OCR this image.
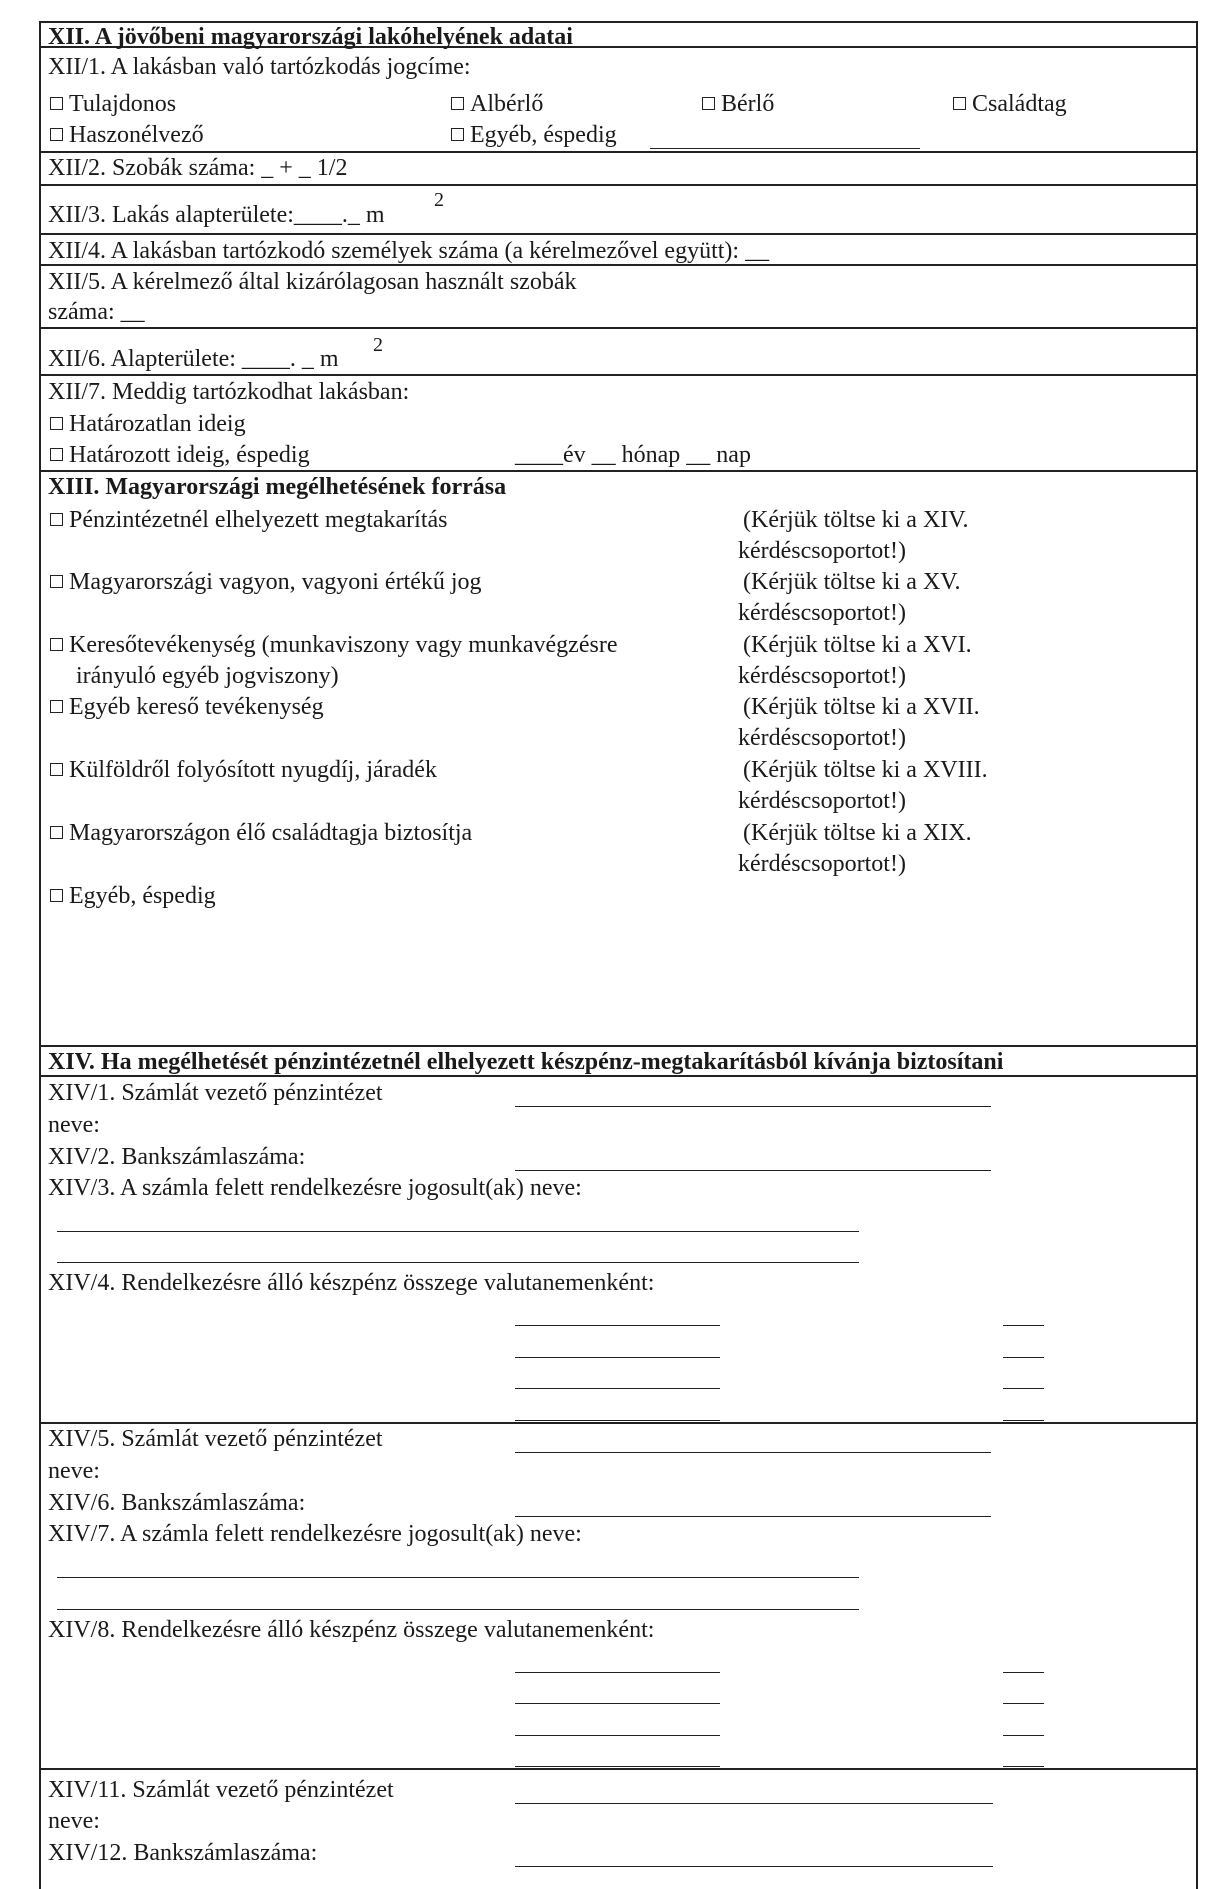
XII. A jövőbeni magyarországi lakóhelyének adatai
XII/1. A lakásban való tartózkodás jogcíme:
Tulajdonos	Albérlő	Bérlő	Családtag
Haszonélvező	Egyéb, éspedig
XII/2. Szobák száma: _ + _ 1/2
XII/3. Lakás alapterülete:____._ m
2
XII/4. A lakásban tartózkodó személyek száma (a kérelmezővel együtt): __
XII/5. A kérelmező által kizárólagosan használt szobák
száma: __
XII/6. Alapterülete: ____. _ m
2
XII/7. Meddig tartózkodhat lakásban:
Határozatlan ideig
Határozott ideig, éspedig	____év __ hónap __ nap
XIII. Magyarországi megélhetésének forrása
Pénzintézetnél elhelyezett megtakarítás	(Kérjük töltse ki a XIV.
kérdéscsoportot!)
Magyarországi vagyon, vagyoni értékű jog	(Kérjük töltse ki a XV.
kérdéscsoportot!)
Keresőtevékenység (munkaviszony vagy munkavégzésre
irányuló egyéb jogviszony)
(Kérjük töltse ki a XVI.
kérdéscsoportot!)
Egyéb kereső tevékenység	(Kérjük töltse ki a XVII.
kérdéscsoportot!)
Külföldről folyósított nyugdíj, járadék	(Kérjük töltse ki a XVIII.
kérdéscsoportot!)
Magyarországon élő családtagja biztosítja	(Kérjük töltse ki a XIX.
kérdéscsoportot!)
Egyéb, éspedig
XIV. Ha megélhetését pénzintézetnél elhelyezett készpénz-megtakarításból kívánja biztosítani
XIV/1. Számlát vezető pénzintézet
neve:
XIV/2. Bankszámlaszáma:
XIV/3. A számla felett rendelkezésre jogosult(ak) neve:
XIV/4. Rendelkezésre álló készpénz összege valutanemenként:
XIV/5. Számlát vezető pénzintézet
neve:
XIV/6. Bankszámlaszáma:
XIV/7. A számla felett rendelkezésre jogosult(ak) neve:
XIV/8. Rendelkezésre álló készpénz összege valutanemenként:
XIV/11. Számlát vezető pénzintézet
neve:
XIV/12. Bankszámlaszáma:
